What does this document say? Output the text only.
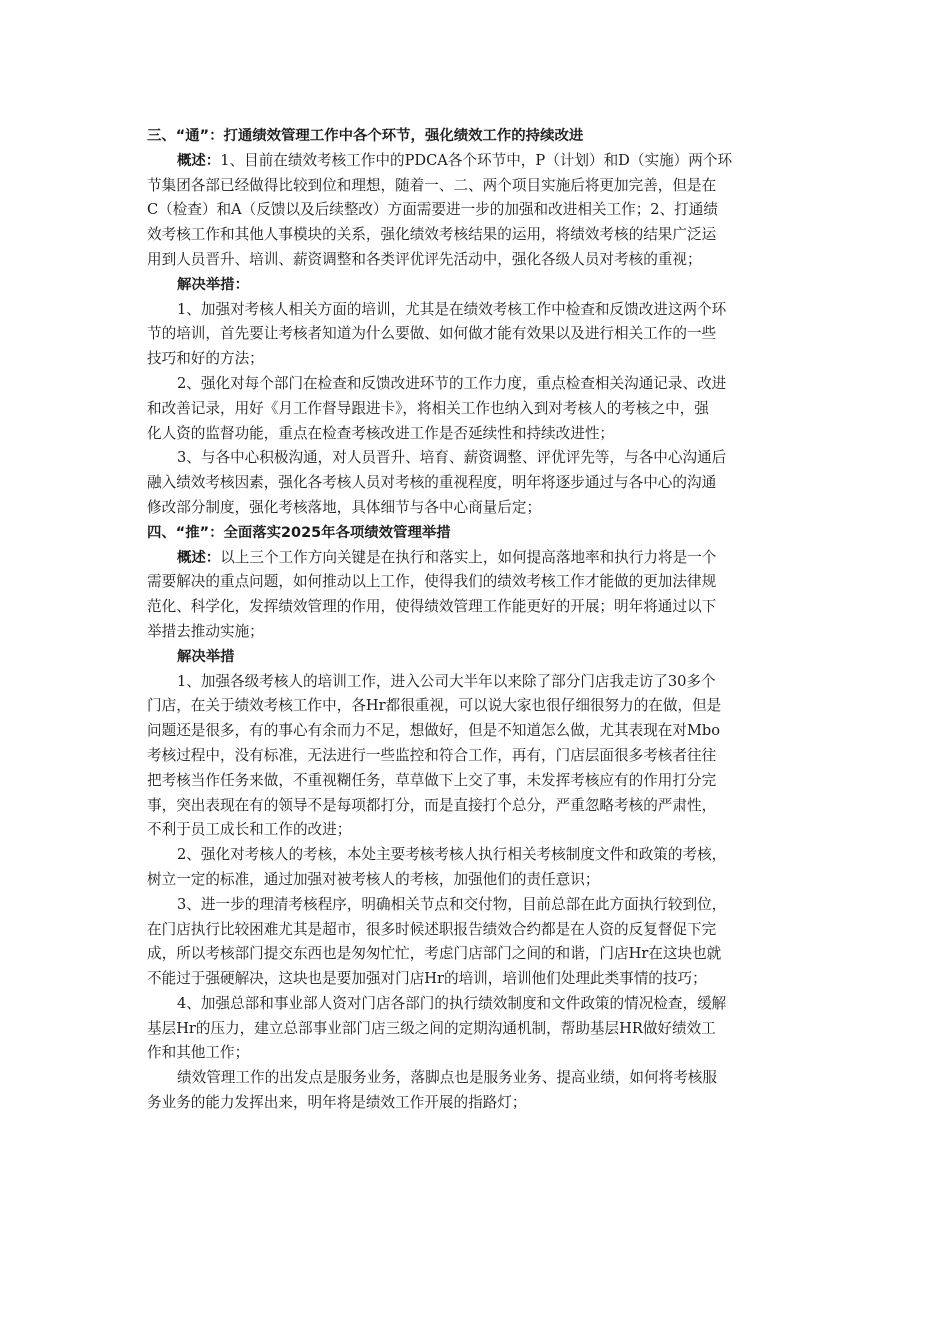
三、“通”：打通绩效管理工作中各个环节，强化绩效工作的持续改进
概述：1、目前在绩效考核工作中的PDCA各个环节中，P（计划）和D（实施）两个环
节集团各部已经做得比较到位和理想，随着一、二、两个项目实施后将更加完善，但是在
C（检查）和A（反馈以及后续整改）方面需要进一步的加强和改进相关工作；2、打通绩
效考核工作和其他人事模块的关系，强化绩效考核结果的运用，将绩效考核的结果广泛运
用到人员晋升、培训、薪资调整和各类评优评先活动中，强化各级人员对考核的重视；
解决举措：
1、加强对考核人相关方面的培训，尤其是在绩效考核工作中检查和反馈改进这两个环
节的培训，首先要让考核者知道为什么要做、如何做才能有效果以及进行相关工作的一些
技巧和好的方法；
2、强化对每个部门在检查和反馈改进环节的工作力度，重点检查相关沟通记录、改进
和改善记录，用好《月工作督导跟进卡》，将相关工作也纳入到对考核人的考核之中，强
化人资的监督功能，重点在检查考核改进工作是否延续性和持续改进性；
3、与各中心积极沟通，对人员晋升、培育、薪资调整、评优评先等，与各中心沟通后
融入绩效考核因素，强化各考核人员对考核的重视程度，明年将逐步通过与各中心的沟通
修改部分制度，强化考核落地，具体细节与各中心商量后定；
四、“推”：全面落实2025年各项绩效管理举措
概述：以上三个工作方向关键是在执行和落实上，如何提高落地率和执行力将是一个
需要解决的重点问题，如何推动以上工作，使得我们的绩效考核工作才能做的更加法律规
范化、科学化，发挥绩效管理的作用，使得绩效管理工作能更好的开展；明年将通过以下
举措去推动实施；
解决举措
1、加强各级考核人的培训工作，进入公司大半年以来除了部分门店我走访了30多个
门店，在关于绩效考核工作中，各Hr都很重视，可以说大家也很仔细很努力的在做，但是
问题还是很多，有的事心有余而力不足，想做好，但是不知道怎么做，尤其表现在对Mbo
考核过程中，没有标准，无法进行一些监控和符合工作，再有，门店层面很多考核者往往
把考核当作任务来做，不重视糊任务，草草做下上交了事，未发挥考核应有的作用打分完
事，突出表现在有的领导不是每项都打分，而是直接打个总分，严重忽略考核的严肃性，
不利于员工成长和工作的改进；
2、强化对考核人的考核，本处主要考核考核人执行相关考核制度文件和政策的考核，
树立一定的标准，通过加强对被考核人的考核，加强他们的责任意识；
3、进一步的理清考核程序，明确相关节点和交付物，目前总部在此方面执行较到位，
在门店执行比较困难尤其是超市，很多时候述职报告绩效合约都是在人资的反复督促下完
成，所以考核部门提交东西也是匆匆忙忙，考虑门店部门之间的和谐，门店Hr在这块也就
不能过于强硬解决，这块也是要加强对门店Hr的培训，培训他们处理此类事情的技巧；
4、加强总部和事业部人资对门店各部门的执行绩效制度和文件政策的情况检查，缓解
基层Hr的压力，建立总部事业部门店三级之间的定期沟通机制，帮助基层HR做好绩效工
作和其他工作；
绩效管理工作的出发点是服务业务，落脚点也是服务业务、提高业绩，如何将考核服
务业务的能力发挥出来，明年将是绩效工作开展的指路灯；
